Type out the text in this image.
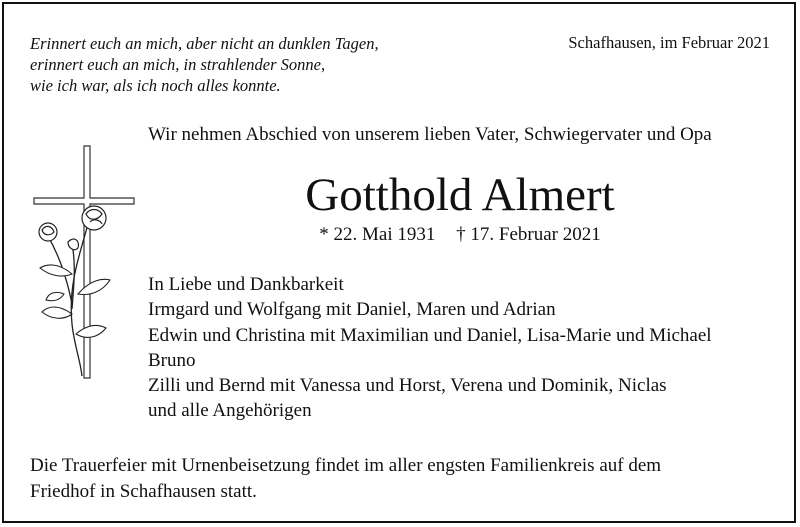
Erinnert euch an mich, aber nicht an dunklen Tagen,
erinnert euch an mich, in strahlender Sonne,
wie ich war, als ich noch alles konnte.
Schafhausen, im Februar 2021
Wir nehmen Abschied von unserem lieben Vater, Schwiegervater und Opa
Gotthold Almert
* 22. Mai 1931 † 17. Februar 2021
In Liebe und Dankbarkeit
Irmgard und Wolfgang mit Daniel, Maren und Adrian
Edwin und Christina mit Maximilian und Daniel, Lisa-Marie und Michael
Bruno
Zilli und Bernd mit Vanessa und Horst, Verena und Dominik, Niclas
und alle Angehörigen
Die Trauerfeier mit Urnenbeisetzung findet im aller engsten Familienkreis auf dem
Friedhof in Schafhausen statt.
